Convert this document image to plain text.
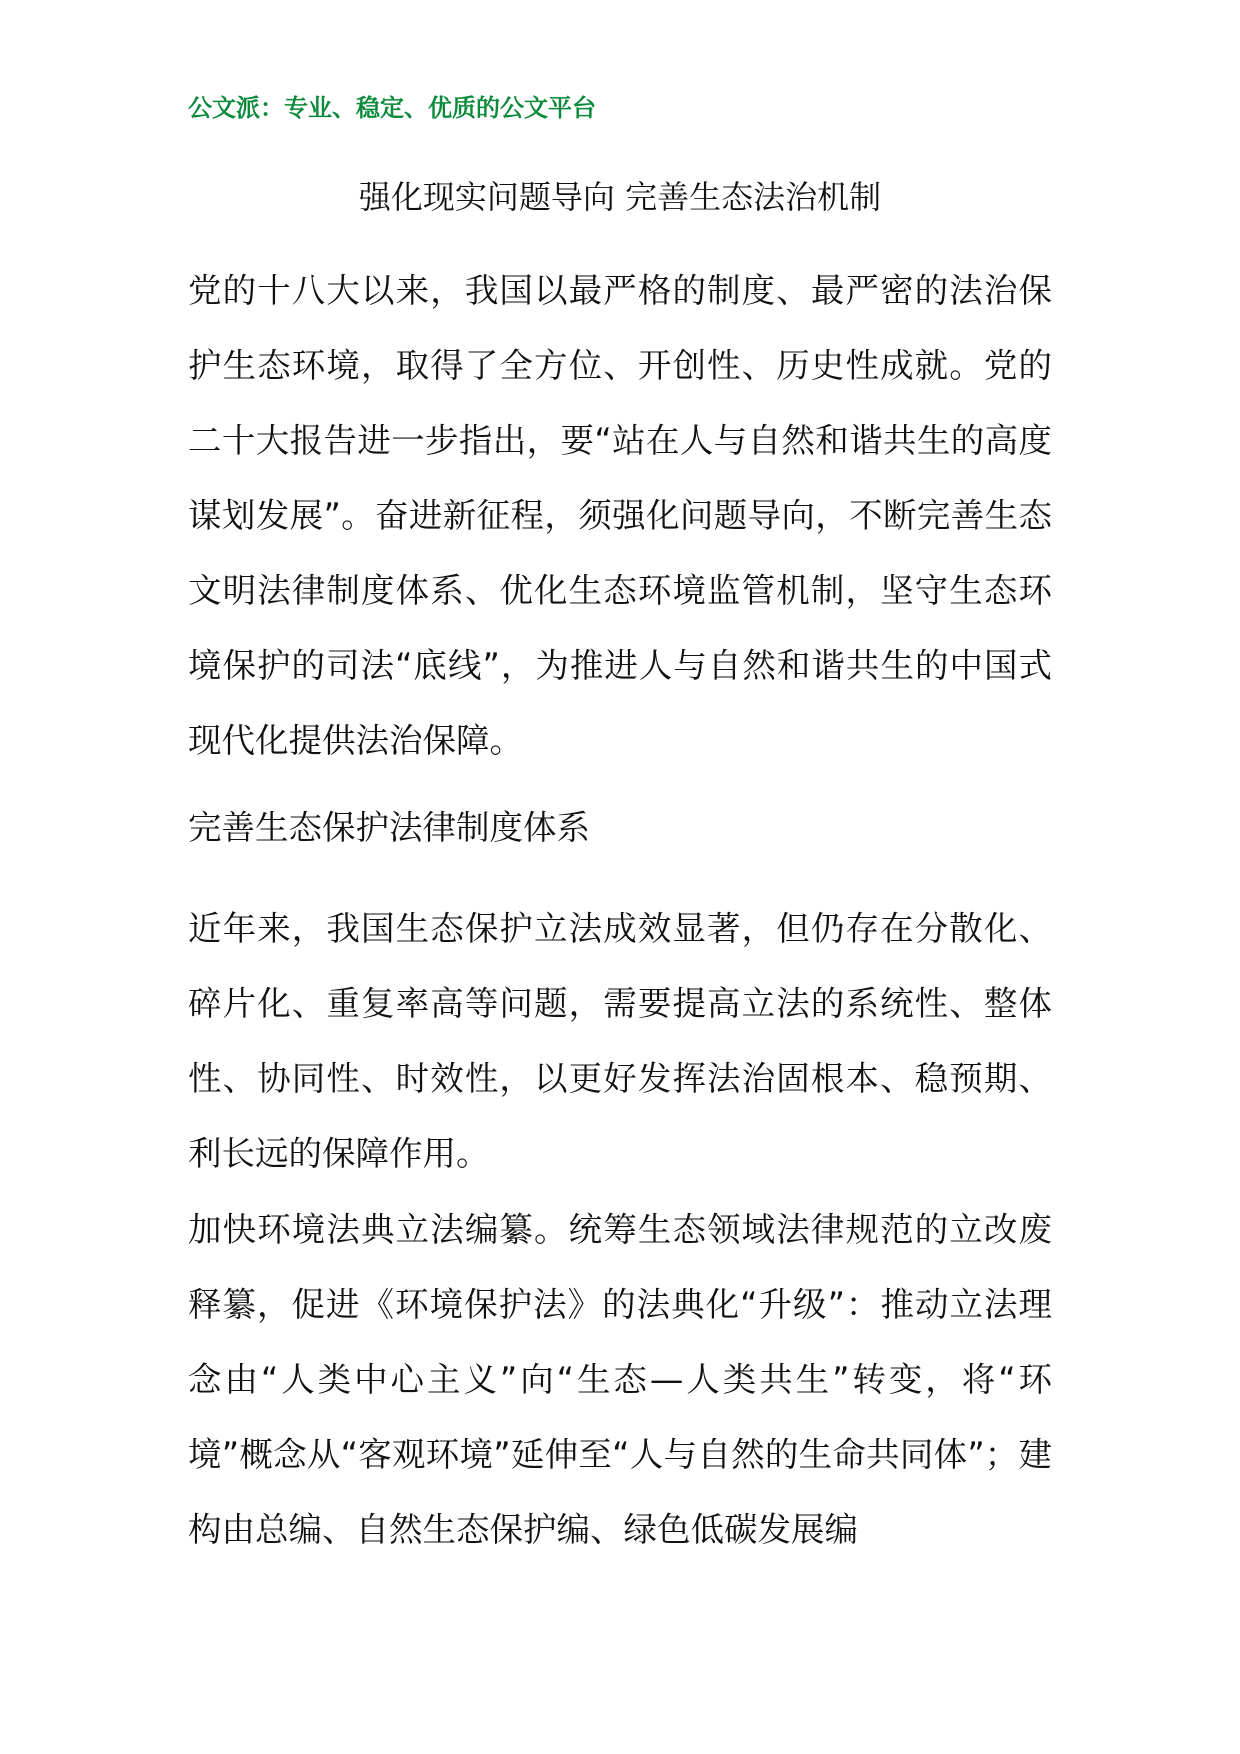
公文派：专业、稳定、优质的公文平台
强化现实问题导向 完善生态法治机制

党的十八大以来，我国以最严格的制度、最严密的法治保护生态环境，取得了全方位、开创性、历史性成就。党的二十大报告进一步指出，要“站在人与自然和谐共生的高度谋划发展”。奋进新征程，须强化问题导向，不断完善生态文明法律制度体系、优化生态环境监管机制，坚守生态环境保护的司法“底线”，为推进人与自然和谐共生的中国式现代化提供法治保障。

完善生态保护法律制度体系

近年来，我国生态保护立法成效显著，但仍存在分散化、碎片化、重复率高等问题，需要提高立法的系统性、整体性、协同性、时效性，以更好发挥法治固根本、稳预期、利长远的保障作用。

加快环境法典立法编纂。统筹生态领域法律规范的立改废释纂，促进《环境保护法》的法典化“升级”：推动立法理念由“人类中心主义”向“生态—人类共生”转变，将“环境”概念从“客观环境”延伸至“人与自然的生命共同体”；建构由总编、自然生态保护编、绿色低碳发展编
